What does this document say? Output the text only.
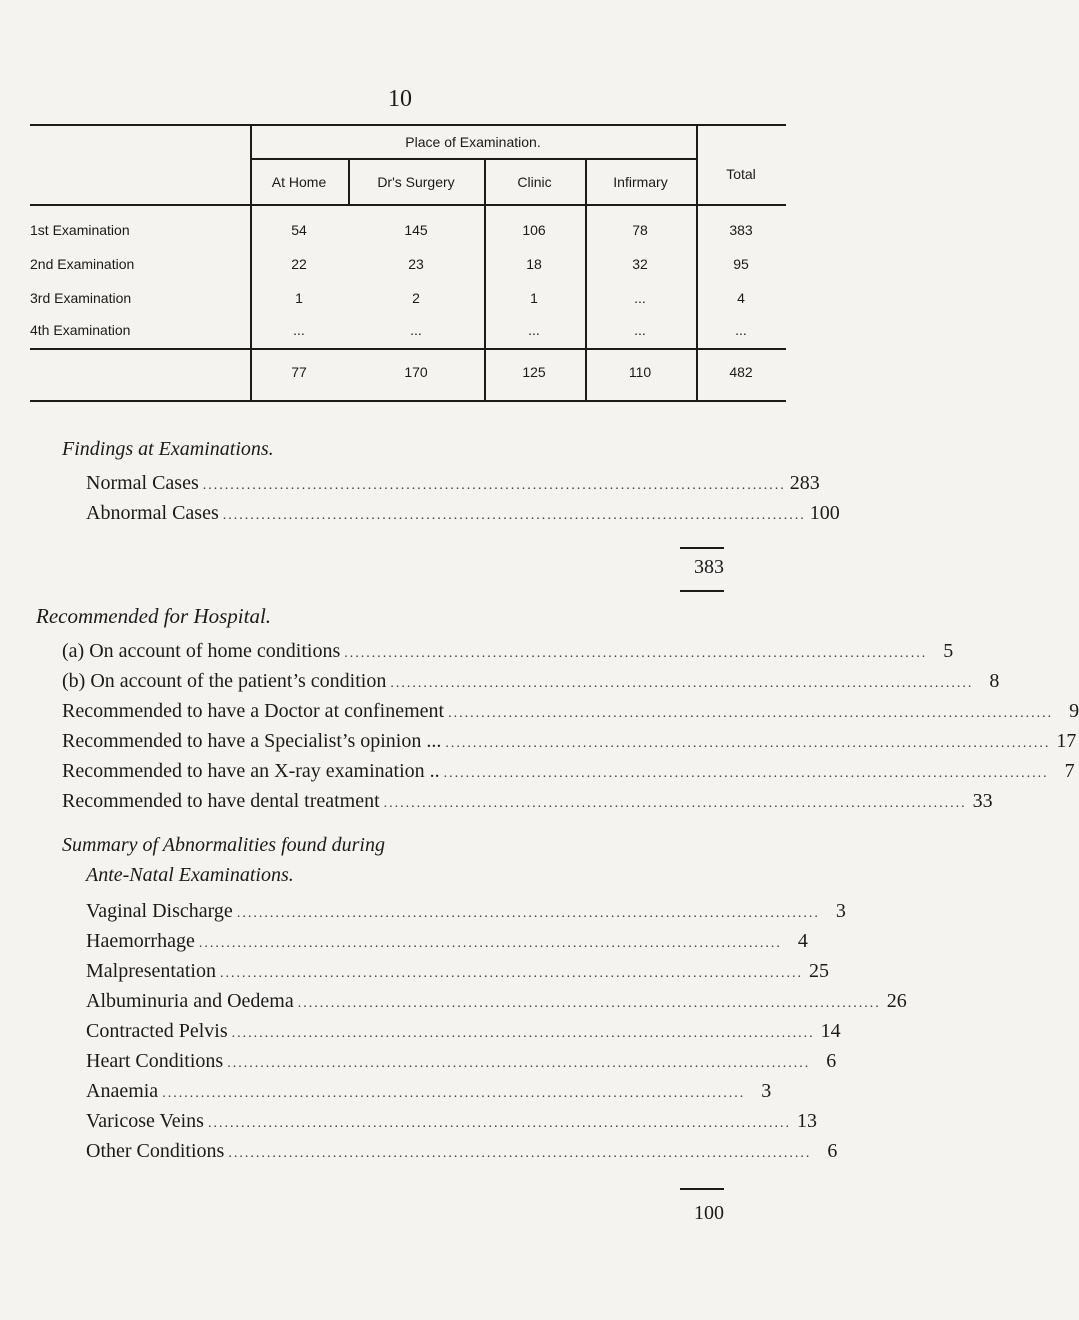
10
Place of Examination.
Total
At Home	Dr's Surgery	Clinic	Infirmary
1st Examination	54	145	106	78	383
2nd Examination	22	23	18	32	95
3rd Examination	1	2	1	...	4
4th Examination	...	...	...	...	...
77	170	125	110	482
Findings at Examinations.
Normal Cases .......................................................................................................... 283
Abnormal Cases .......................................................................................................... 100
383
Recommended for Hospital.
(a) On account of home conditions .......................................................................................................... 5
(b) On account of the patient’s condition .......................................................................................................... 8
Recommended to have a Doctor at confinement .............................................................................................................. 9
Recommended to have a Specialist’s opinion ... .............................................................................................................. 17
Recommended to have an X-ray examination .. .............................................................................................................. 7
Recommended to have dental treatment .......................................................................................................... 33
Summary of Abnormalities found during
Ante-Natal Examinations.
Vaginal Discharge .......................................................................................................... 3
Haemorrhage .......................................................................................................... 4
Malpresentation .......................................................................................................... 25
Albuminuria and Oedema .......................................................................................................... 26
Contracted Pelvis .......................................................................................................... 14
Heart Conditions .......................................................................................................... 6
Anaemia .......................................................................................................... 3
Varicose Veins .......................................................................................................... 13
Other Conditions .......................................................................................................... 6
100
